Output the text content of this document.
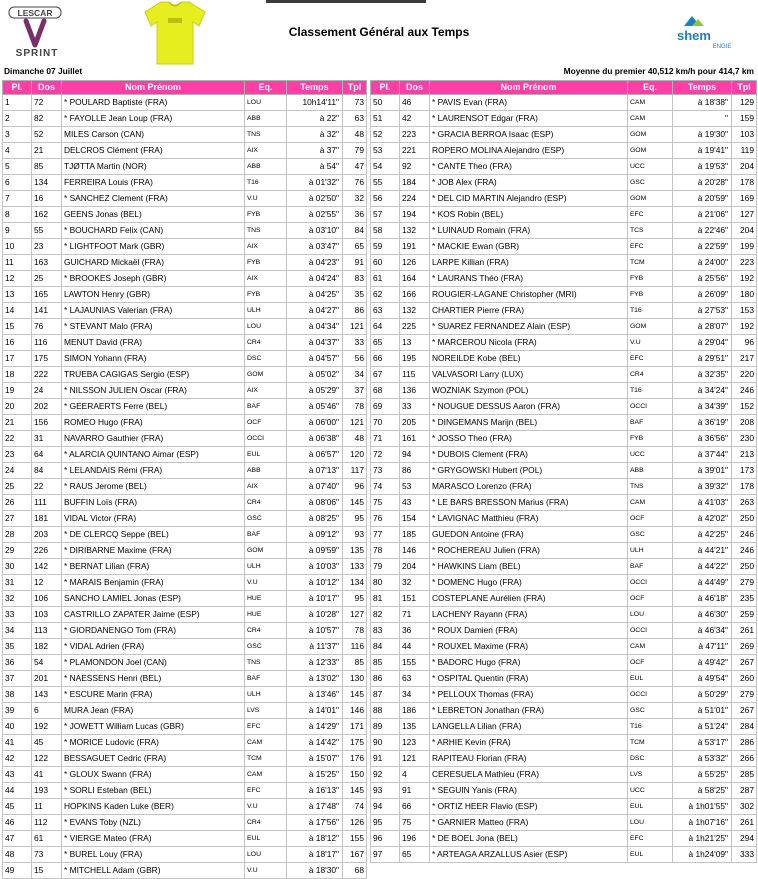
LESCAR
SPRINT
Classement Général aux Temps	shem
ENGIE
Dimanche 07 Juillet	Moyenne du premier 40,512 km/h pour 414,7 km
Pl.	Dos	Nom Prénom	Eq.	Temps	Tpl
1	72	* POULARD Baptiste (FRA)	LOU	10h14'11"	73
2	82	* FAYOLLE Jean Loup (FRA)	ABB	à 22"	63
3	52	MILES Carson (CAN)	TNS	à 32"	48
4	21	DELCROS Clément (FRA)	AIX	à 37"	79
5	85	TJØTTA Martin (NOR)	ABB	à 54"	47
6	134	FERREIRA Louis (FRA)	T16	à 01'32"	76
7	16	* SANCHEZ Clement (FRA)	V.U	à 02'50"	32
8	162	GEENS Jonas (BEL)	FYB	à 02'55"	36
9	55	* BOUCHARD Felix (CAN)	TNS	à 03'10"	84
10	23	* LIGHTFOOT Mark (GBR)	AIX	à 03'47"	65
11	163	GUICHARD Mickaël (FRA)	FYB	à 04'23"	91
12	25	* BROOKES Joseph (GBR)	AIX	à 04'24"	83
13	165	LAWTON Henry (GBR)	FYB	à 04'25"	35
14	141	* LAJAUNIAS Valerian (FRA)	ULH	à 04'27"	86
15	76	* STEVANT Malo (FRA)	LOU	à 04'34"	121
16	116	MENUT David (FRA)	CR4	à 04'37"	33
17	175	SIMON Yohann (FRA)	DSC	à 04'57"	56
18	222	TRUEBA CAGIGAS Sergio (ESP)	GOM	à 05'02"	34
19	24	* NILSSON JULIEN Oscar (FRA)	AIX	à 05'29"	37
20	202	* GEERAERTS Ferre (BEL)	BAF	à 05'46"	78
21	156	ROMEO Hugo (FRA)	OCF	à 06'00"	121
22	31	NAVARRO Gauthier (FRA)	OCCI	à 06'38"	48
23	64	* ALARCIA QUINTANO Aimar (ESP)	EUL	à 06'57"	120
24	84	* LELANDAIS Rémi (FRA)	ABB	à 07'13"	117
25	22	* RAUS Jerome (BEL)	AIX	à 07'40"	96
26	111	BUFFIN Loïs (FRA)	CR4	à 08'06"	145
27	181	VIDAL Victor (FRA)	GSC	à 08'25"	95
28	203	* DE CLERCQ Seppe (BEL)	BAF	à 09'12"	93
29	226	* DIRIBARNE Maxime (FRA)	GOM	à 09'59"	135
30	142	* BERNAT Lilian (FRA)	ULH	à 10'03"	133
31	12	* MARAIS Benjamin (FRA)	V.U	à 10'12"	134
32	106	SANCHO LAMIEL Jonas (ESP)	HUE	à 10'17"	95
33	103	CASTRILLO ZAPATER Jaime (ESP)	HUE	à 10'28"	127
34	113	* GIORDANENGO Tom (FRA)	CR4	à 10'57"	78
35	182	* VIDAL Adrien (FRA)	GSC	à 11'37"	116
36	54	* PLAMONDON Joel (CAN)	TNS	à 12'33"	85
37	201	* NAESSENS Henri (BEL)	BAF	à 13'02"	130
38	143	* ESCURE Marin (FRA)	ULH	à 13'46"	145
39	6	MURA Jean (FRA)	LVS	à 14'01"	146
40	192	* JOWETT William Lucas (GBR)	EFC	à 14'29"	171
41	45	* MORICE Ludovic (FRA)	CAM	à 14'42"	175
42	122	BESSAGUET Cedric (FRA)	TCM	à 15'07"	176
43	41	* GLOUX Swann (FRA)	CAM	à 15'25"	150
44	193	* SORLI Esteban (BEL)	EFC	à 16'13"	145
45	11	HOPKINS Kaden Luke (BER)	V.U	à 17'48"	74
46	112	* EVANS Toby (NZL)	CR4	à 17'56"	126
47	61	* VIERGE Mateo (FRA)	EUL	à 18'12"	155
48	73	* BUREL Louy (FRA)	LOU	à 18'17"	167
49	15	* MITCHELL Adam (GBR)	V.U	à 18'30"	68
Pl.	Dos	Nom Prénom	Eq.	Temps	Tpl
50	46	* PAVIS Evan (FRA)	CAM	à 18'38"	129
51	42	* LAURENSOT Edgar (FRA)	CAM	"	159
52	223	* GRACIA BERROA Isaac (ESP)	GOM	à 19'30"	103
53	221	ROPERO MOLINA Alejandro (ESP)	GOM	à 19'41"	119
54	92	* CANTE Theo (FRA)	UCC	à 19'53"	204
55	184	* JOB Alex (FRA)	GSC	à 20'28"	178
56	224	* DEL CID MARTIN Alejandro (ESP)	GOM	à 20'59"	169
57	194	* KOS Robin (BEL)	EFC	à 21'06"	127
58	132	* LUINAUD Romain (FRA)	TCS	à 22'46"	204
59	191	* MACKIE Ewan (GBR)	EFC	à 22'59"	199
60	126	LARPE Killian (FRA)	TCM	à 24'00"	223
61	164	* LAURANS Théo (FRA)	FYB	à 25'56"	192
62	166	ROUGIER-LAGANE Christopher (MRI)	FYB	à 26'09"	180
63	132	CHARTIER Pierre (FRA)	T16	à 27'53"	153
64	225	* SUAREZ FERNANDEZ Alain (ESP)	GOM	à 28'07"	192
65	13	* MARCEROU Nicola (FRA)	V.U	à 29'04"	96
66	195	NOREILDE Kobe (BEL)	EFC	à 29'51"	217
67	115	VALVASORI Larry (LUX)	CR4	à 32'35"	220
68	136	WOZNIAK Szymon (POL)	T16	à 34'24"	246
69	33	* NOUGUE DESSUS Aaron (FRA)	OCCI	à 34'39"	152
70	205	* DINGEMANS Marijn (BEL)	BAF	à 36'19"	208
71	161	* JOSSO Theo (FRA)	FYB	à 36'56"	230
72	94	* DUBOIS Clement (FRA)	UCC	à 37'44"	213
73	86	* GRYGOWSKI Hubert (POL)	ABB	à 39'01"	173
74	53	MARASCO Lorenzo (FRA)	TNS	à 39'32"	178
75	43	* LE BARS BRESSON Marius (FRA)	CAM	à 41'03"	263
76	154	* LAVIGNAC Matthieu (FRA)	OCF	à 42'02"	250
77	185	GUEDON Antoine (FRA)	GSC	à 42'25"	246
78	146	* ROCHEREAU Julien (FRA)	ULH	à 44'21"	246
79	204	* HAWKINS Liam (BEL)	BAF	à 44'22"	250
80	32	* DOMENC Hugo (FRA)	OCCI	à 44'49"	279
81	151	COSTEPLANE Aurélien (FRA)	OCF	à 46'18"	235
82	71	LACHENY Rayann (FRA)	LOU	à 46'30"	259
83	36	* ROUX Damien (FRA)	OCCI	à 46'34"	261
84	44	* ROUXEL Maxime (FRA)	CAM	à 47'11"	269
85	155	* BADORC Hugo (FRA)	OCF	à 49'42"	267
86	63	* OSPITAL Quentin (FRA)	EUL	à 49'54"	260
87	34	* PELLOUX Thomas (FRA)	OCCI	à 50'29"	279
88	186	* LEBRETON Jonathan (FRA)	GSC	à 51'01"	267
89	135	LANGELLA Lilian (FRA)	T16	à 51'24"	284
90	123	* ARHIE Kevin (FRA)	TCM	à 53'17"	286
91	121	RAPITEAU Florian (FRA)	DSC	à 53'32"	266
92	4	CERESUELA Mathieu (FRA)	LVS	à 55'25"	285
93	91	* SEGUIN Yanis (FRA)	UCC	à 58'25"	287
94	66	* ORTIZ HEER Flavio (ESP)	EUL	à 1h01'55"	302
95	75	* GARNIER Matteo (FRA)	LOU	à 1h07'16"	261
96	196	* DE BOEL Jona (BEL)	EFC	à 1h21'25"	294
97	65	* ARTEAGA ARZALLUS Asier (ESP)	EUL	à 1h24'09"	333
